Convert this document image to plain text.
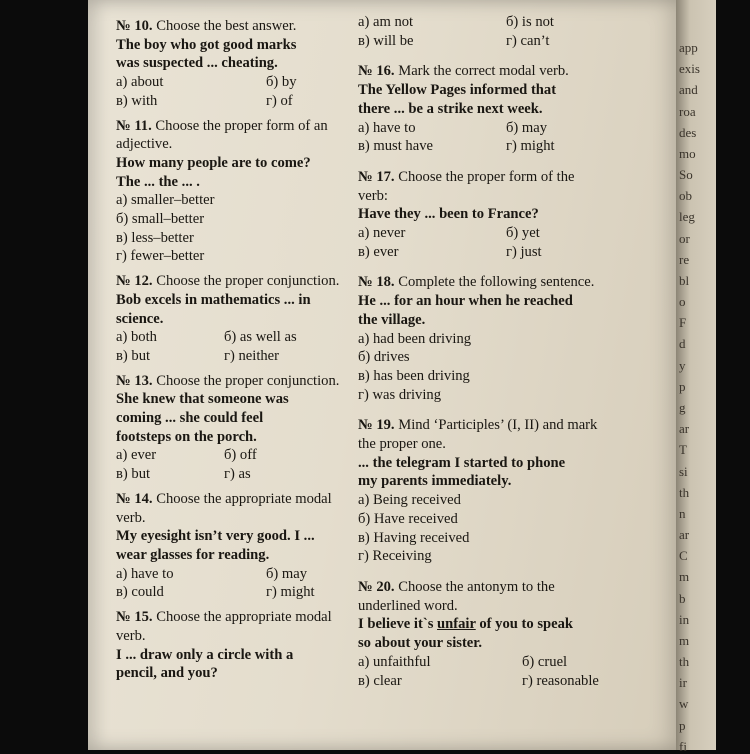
№ 10. Choose the best answer.
The boy who got good marks
was suspected ... cheating.
а) about	б) by
в) with	г) of
№ 11. Choose the proper form of an adjective.
How many people are to come?
The ... the ... .
а) smaller–better
б) small–better
в) less–better
г) fewer–better
№ 12. Choose the proper conjunction.
Bob excels in mathematics ... in
science.
а) both	б) as well as
в) but	г) neither
№ 13. Choose the proper conjunction.
She knew that someone was
coming ... she could feel
footsteps on the porch.
а) ever	б) off
в) but	г) as
№ 14. Choose the appropriate modal verb.
My eyesight isn’t very good. I ...
wear glasses for reading.
а) have to	б) may
в) could	г) might
№ 15. Choose the appropriate modal verb.
I ... draw only a circle with a
pencil, and you?
а) am not	б) is not
в) will be	г) can’t
№ 16. Mark the correct modal verb.
The Yellow Pages informed that
there ... be a strike next week.
а) have to	б) may
в) must have	г) might
№ 17. Choose the proper form of the verb:
Have they ... been to France?
а) never	б) yet
в) ever	г) just
№ 18. Complete the following sentence.
He ... for an hour when he reached
the village.
а) had been driving
б) drives
в) has been driving
г) was driving
№ 19. Mind ‘Participles’ (I, II) and mark the proper one.
... the telegram I started to phone
my parents immediately.
а) Being received
б) Have received
в) Having received
г) Receiving
№ 20. Choose the antonym to the underlined word.
I believe it`s unfair of you to speak
so about your sister.
а) unfaithful	б) cruel
в) clear	г) reasonable
app
exis
and
roa
des
mo
So
ob
leg
or
re
bl
o
F
d
y
p
g
ar
T
si
th
n
ar
C
m
b
in
m
th
ir
w
p
fi
